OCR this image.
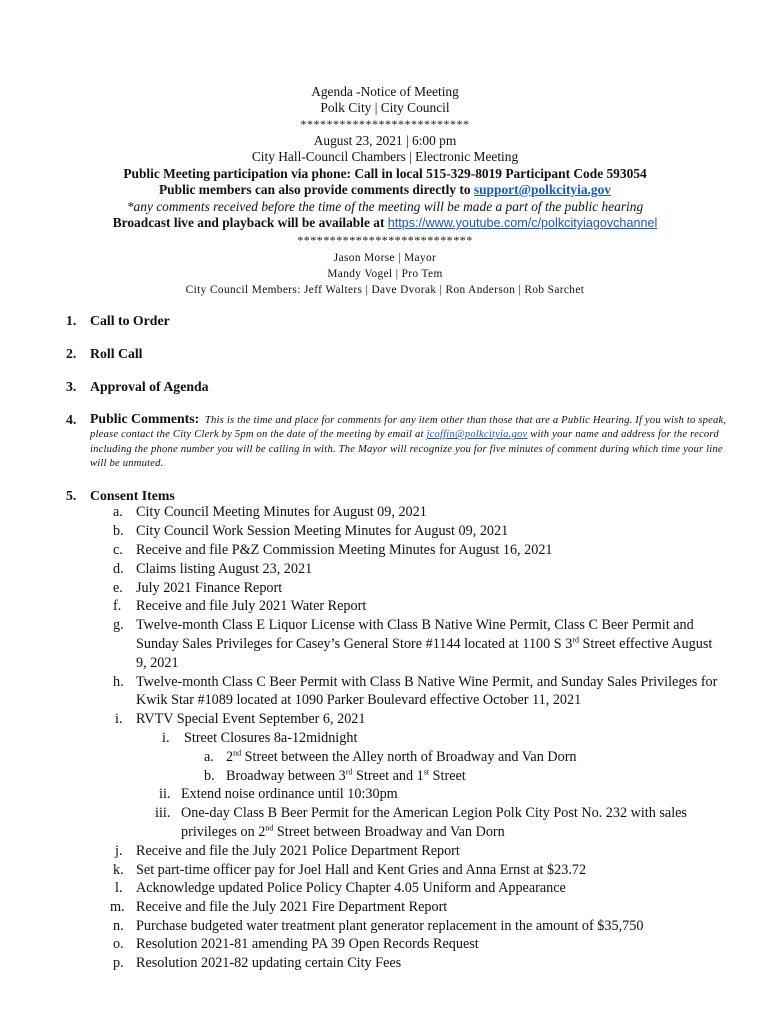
Agenda -Notice of Meeting
Polk City | City Council
**************************
August 23, 2021 | 6:00 pm
City Hall-Council Chambers | Electronic Meeting
Public Meeting participation via phone: Call in local 515-329-8019 Participant Code 593054
Public members can also provide comments directly to support@polkcityia.gov
*any comments received before the time of the meeting will be made a part of the public hearing
Broadcast live and playback will be available at https://www.youtube.com/c/polkcityiagovchannel
***************************
Jason Morse | Mayor
Mandy Vogel | Pro Tem
City Council Members: Jeff Walters | Dave Dvorak | Ron Anderson | Rob Sarchet
1. Call to Order
2. Roll Call
3. Approval of Agenda
4. Public Comments: This is the time and place for comments for any item other than those that are a Public Hearing. If you wish to speak, please contact the City Clerk by 5pm on the date of the meeting by email at jcoffin@polkcityia.gov with your name and address for the record including the phone number you will be calling in with. The Mayor will recognize you for five minutes of comment during which time your line will be unmuted.
5. Consent Items
a. City Council Meeting Minutes for August 09, 2021
b. City Council Work Session Meeting Minutes for August 09, 2021
c. Receive and file P&Z Commission Meeting Minutes for August 16, 2021
d. Claims listing August 23, 2021
e. July 2021 Finance Report
f. Receive and file July 2021 Water Report
g. Twelve-month Class E Liquor License with Class B Native Wine Permit, Class C Beer Permit and
Sunday Sales Privileges for Casey’s General Store #1144 located at 1100 S 3rd Street effective August
9, 2021
h. Twelve-month Class C Beer Permit with Class B Native Wine Permit, and Sunday Sales Privileges for
Kwik Star #1089 located at 1090 Parker Boulevard effective October 11, 2021
i. RVTV Special Event September 6, 2021
i. Street Closures 8a-12midnight
a. 2nd Street between the Alley north of Broadway and Van Dorn
b. Broadway between 3rd Street and 1st Street
ii. Extend noise ordinance until 10:30pm
iii. One-day Class B Beer Permit for the American Legion Polk City Post No. 232 with sales
privileges on 2nd Street between Broadway and Van Dorn
j. Receive and file the July 2021 Police Department Report
k. Set part-time officer pay for Joel Hall and Kent Gries and Anna Ernst at $23.72
l. Acknowledge updated Police Policy Chapter 4.05 Uniform and Appearance
m. Receive and file the July 2021 Fire Department Report
n. Purchase budgeted water treatment plant generator replacement in the amount of $35,750
o. Resolution 2021-81 amending PA 39 Open Records Request
p. Resolution 2021-82 updating certain City Fees
